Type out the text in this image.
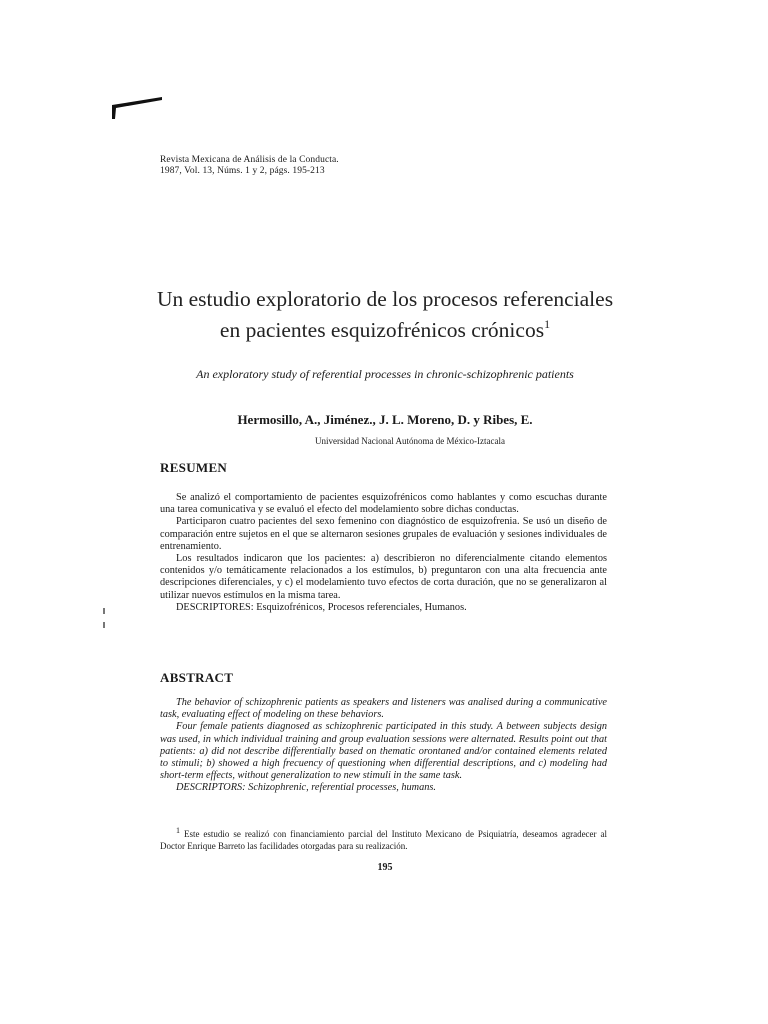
Revista Mexicana de Análisis de la Conducta.
1987, Vol. 13, Núms. 1 y 2, págs. 195-213
Un estudio exploratorio de los procesos referenciales en pacientes esquizofrénicos crónicos$^1$
An exploratory study of referential processes in chronic-schizophrenic patients
Hermosillo, A., Jiménez., J. L. Moreno, D. y Ribes, E.
Universidad Nacional Autónoma de México-Iztacala
RESUMEN

Se analizó el comportamiento de pacientes esquizofrénicos como hablantes y como escuchas durante una tarea comunicativa y se evaluó el efecto del modelamiento sobre dichas conductas.

Participaron cuatro pacientes del sexo femenino con diagnóstico de esquizofrenia. Se usó un diseño de comparación entre sujetos en el que se alternaron sesiones grupales de evaluación y sesiones individuales de entrenamiento.

Los resultados indicaron que los pacientes: a) describieron no diferencialmente citando elementos contenidos y/o temáticamente relacionados a los estímulos, b) preguntaron con una alta frecuencia ante descripciones diferenciales, y c) el modelamiento tuvo efectos de corta duración, que no se generalizaron al utilizar nuevos estímulos en la misma tarea.

DESCRIPTORES: Esquizofrénicos, Procesos referenciales, Humanos.

ABSTRACT

The behavior of schizophrenic patients as speakers and listeners was analised during a communicative task, evaluating effect of modeling on these behaviors.

Four female patients diagnosed as schizophrenic participated in this study. A between subjects design was used, in which individual training and group evaluation sessions were alternated. Results point out that patients: a) did not describe differentially based on thematic orontaned and/or contained elements related to stimuli; b) showed a high frecuency of questioning when differential descriptions, and c) modeling had short-term effects, without generalization to new stimuli in the same task.

DESCRIPTORS: Schizophrenic, referential processes, humans.

$^1$ Este estudio se realizó con financiamiento parcial del Instituto Mexicano de Psiquiatría, deseamos agradecer al Doctor Enrique Barreto las facilidades otorgadas para su realización.
195
